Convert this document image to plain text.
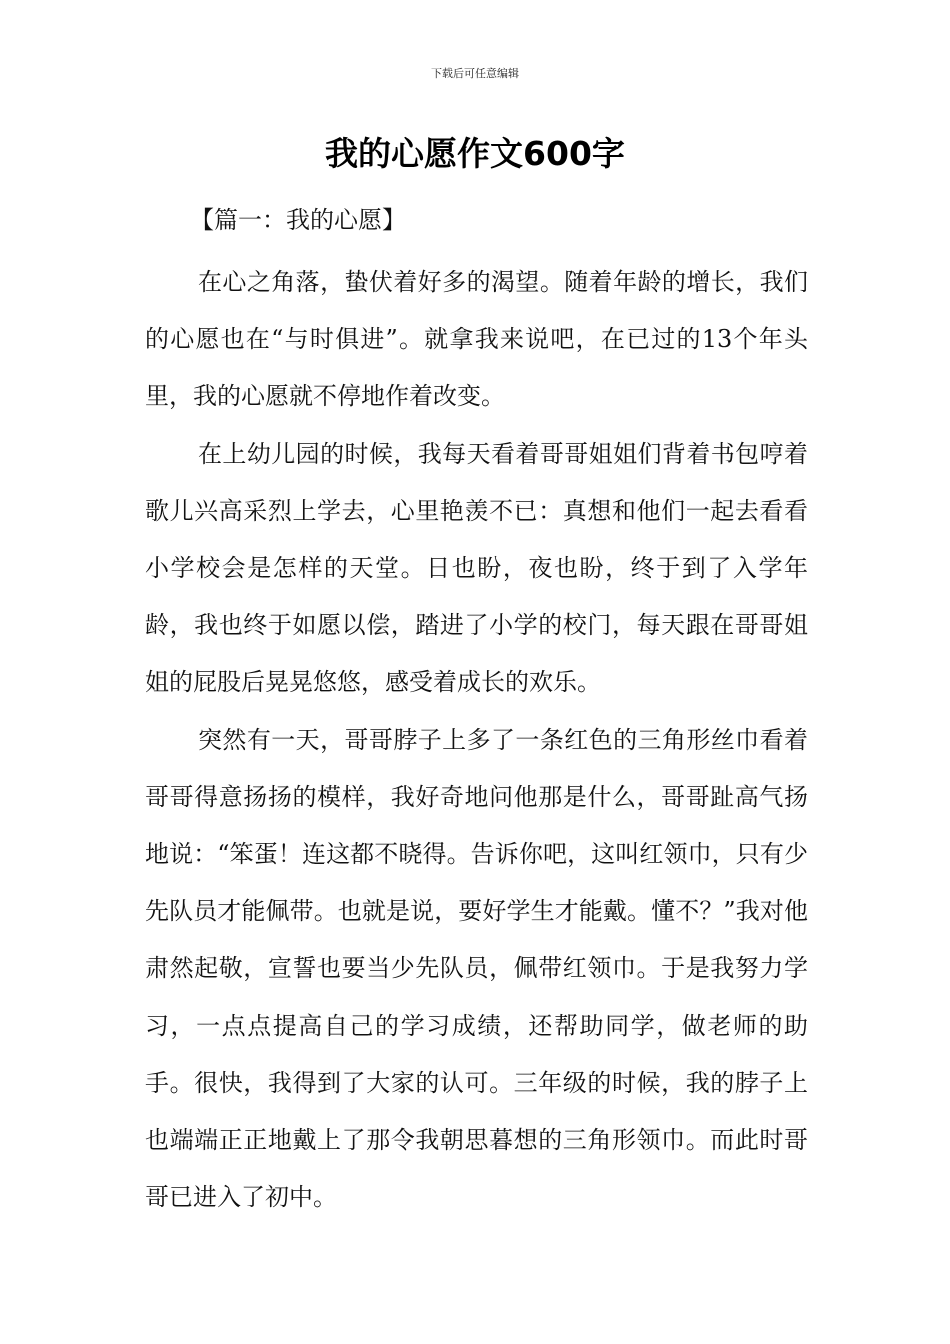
下载后可任意编辑
我的心愿作文600字

【篇一：我的心愿】

在心之角落，蛰伏着好多的渴望。随着年龄的增长，我们的心愿也在“与时俱进”。就拿我来说吧，在已过的13个年头里，我的心愿就不停地作着改变。

在上幼儿园的时候，我每天看着哥哥姐姐们背着书包哼着歌儿兴高采烈上学去，心里艳羡不已：真想和他们一起去看看小学校会是怎样的天堂。日也盼，夜也盼，终于到了入学年龄，我也终于如愿以偿，踏进了小学的校门，每天跟在哥哥姐姐的屁股后晃晃悠悠，感受着成长的欢乐。

突然有一天，哥哥脖子上多了一条红色的三角形丝巾看着哥哥得意扬扬的模样，我好奇地问他那是什么，哥哥趾高气扬地说：“笨蛋！连这都不晓得。告诉你吧，这叫红领巾，只有少先队员才能佩带。也就是说，要好学生才能戴。懂不？”我对他肃然起敬，宣誓也要当少先队员，佩带红领巾。于是我努力学习，一点点提高自己的学习成绩，还帮助同学，做老师的助手。很快，我得到了大家的认可。三年级的时候，我的脖子上也端端正正地戴上了那令我朝思暮想的三角形领巾。而此时哥哥已进入了初中。
